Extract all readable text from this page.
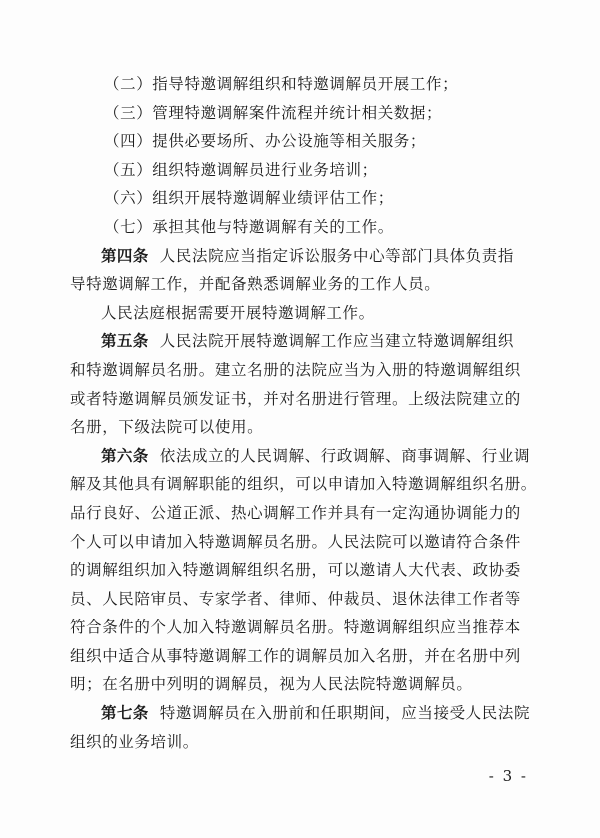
（二）指导特邀调解组织和特邀调解员开展工作；
（三）管理特邀调解案件流程并统计相关数据；
（四）提供必要场所、办公设施等相关服务；
（五）组织特邀调解员进行业务培训；
（六）组织开展特邀调解业绩评估工作；
（七）承担其他与特邀调解有关的工作。
第四条 人民法院应当指定诉讼服务中心等部门具体负责指
导特邀调解工作，并配备熟悉调解业务的工作人员。
人民法庭根据需要开展特邀调解工作。
第五条 人民法院开展特邀调解工作应当建立特邀调解组织
和特邀调解员名册。建立名册的法院应当为入册的特邀调解组织
或者特邀调解员颁发证书，并对名册进行管理。上级法院建立的
名册，下级法院可以使用。
第六条 依法成立的人民调解、行政调解、商事调解、行业调
解及其他具有调解职能的组织，可以申请加入特邀调解组织名册。
品行良好、公道正派、热心调解工作并具有一定沟通协调能力的
个人可以申请加入特邀调解员名册。人民法院可以邀请符合条件
的调解组织加入特邀调解组织名册，可以邀请人大代表、政协委
员、人民陪审员、专家学者、律师、仲裁员、退休法律工作者等
符合条件的个人加入特邀调解员名册。特邀调解组织应当推荐本
组织中适合从事特邀调解工作的调解员加入名册，并在名册中列
明；在名册中列明的调解员，视为人民法院特邀调解员。
第七条 特邀调解员在入册前和任职期间，应当接受人民法院
组织的业务培训。
- 3 -
